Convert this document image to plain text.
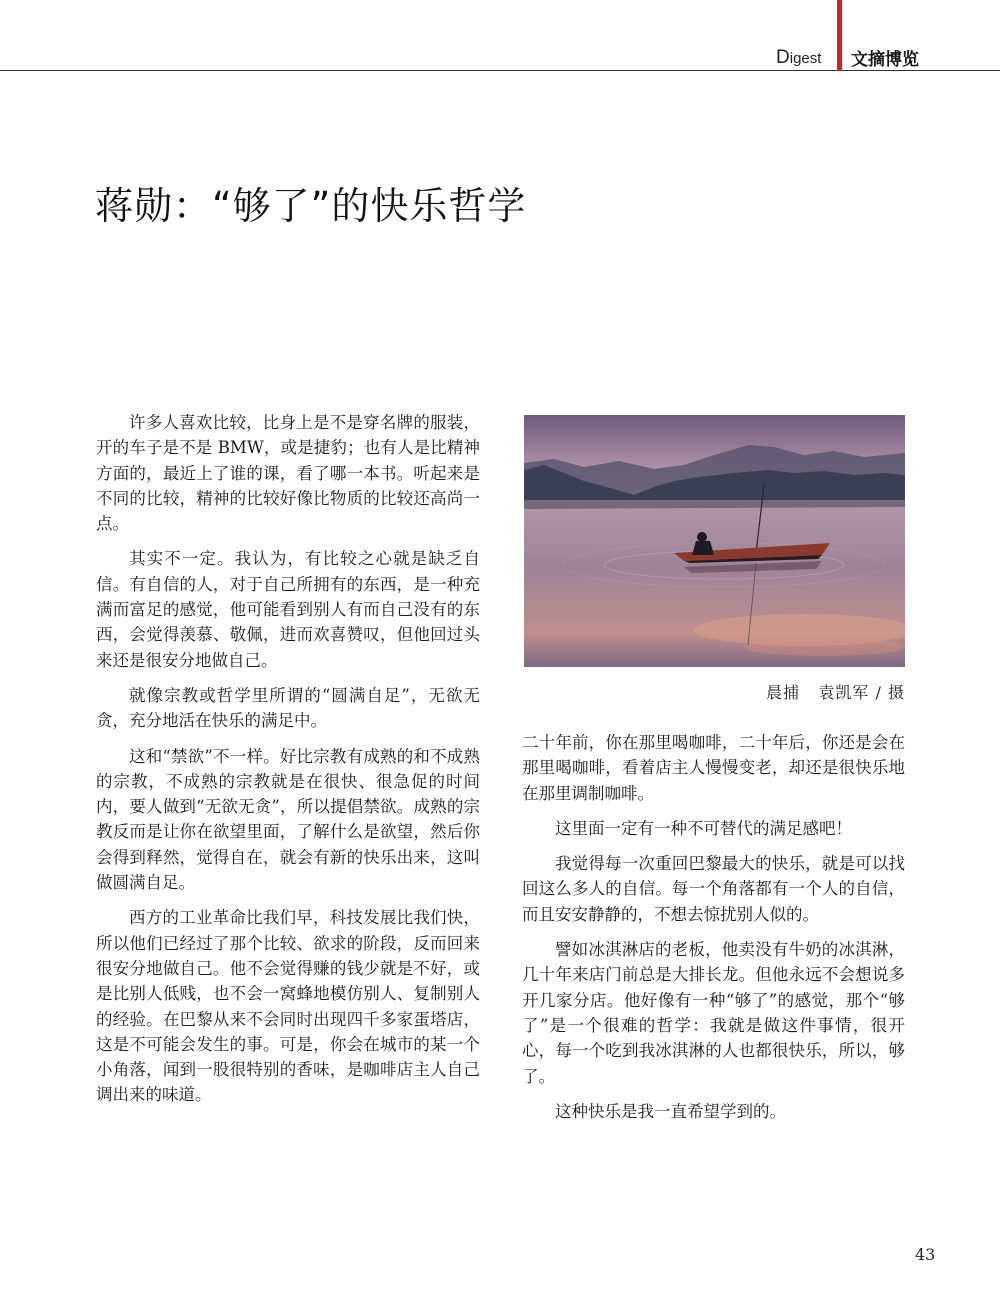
Digest 文摘博览
蒋勋：“够了”的快乐哲学

许多人喜欢比较，比身上是不是穿名牌的服装，开的车子是不是 BMW，或是捷豹；也有人是比精神方面的，最近上了谁的课，看了哪一本书。听起来是不同的比较，精神的比较好像比物质的比较还高尚一点。

其实不一定。我认为，有比较之心就是缺乏自信。有自信的人，对于自己所拥有的东西，是一种充满而富足的感觉，他可能看到别人有而自己没有的东西，会觉得羡慕、敬佩，进而欢喜赞叹，但他回过头来还是很安分地做自己。

就像宗教或哲学里所谓的“圆满自足”，无欲无贪，充分地活在快乐的满足中。

这和“禁欲”不一样。好比宗教有成熟的和不成熟的宗教，不成熟的宗教就是在很快、很急促的时间内，要人做到“无欲无贪”，所以提倡禁欲。成熟的宗教反而是让你在欲望里面，了解什么是欲望，然后你会得到释然，觉得自在，就会有新的快乐出来，这叫做圆满自足。

西方的工业革命比我们早，科技发展比我们快，所以他们已经过了那个比较、欲求的阶段，反而回来很安分地做自己。他不会觉得赚的钱少就是不好，或是比别人低贱，也不会一窝蜂地模仿别人、复制别人的经验。在巴黎从来不会同时出现四千多家蛋塔店，这是不可能会发生的事。可是，你会在城市的某一个小角落，闻到一股很特别的香味，是咖啡店主人自己调出来的味道。

晨捕   袁凯军 / 摄

二十年前，你在那里喝咖啡，二十年后，你还是会在那里喝咖啡，看着店主人慢慢变老，却还是很快乐地在那里调制咖啡。

这里面一定有一种不可替代的满足感吧！

我觉得每一次重回巴黎最大的快乐，就是可以找回这么多人的自信。每一个角落都有一个人的自信，而且安安静静的，不想去惊扰别人似的。

譬如冰淇淋店的老板，他卖没有牛奶的冰淇淋，几十年来店门前总是大排长龙。但他永远不会想说多开几家分店。他好像有一种“够了”的感觉，那个“够了”是一个很难的哲学：我就是做这件事情，很开心，每一个吃到我冰淇淋的人也都很快乐，所以，够了。

这种快乐是我一直希望学到的。

43
